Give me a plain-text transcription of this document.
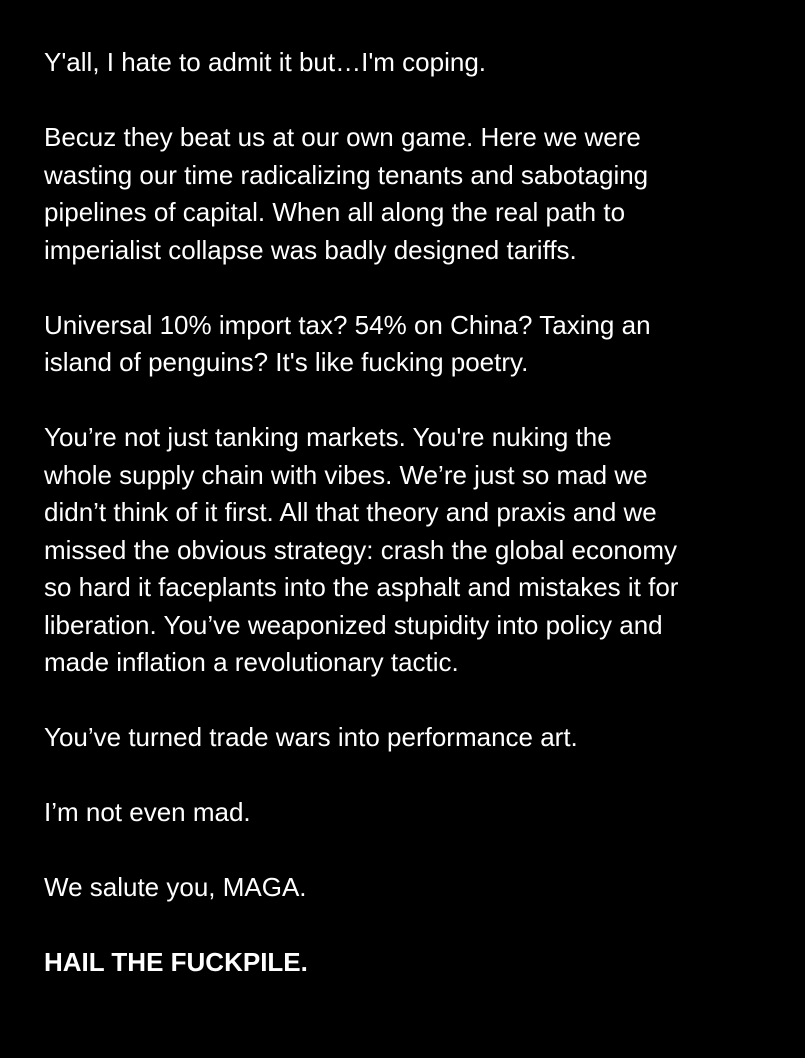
Y'all, I hate to admit it but…I'm coping.

Becuz they beat us at our own game. Here we were
wasting our time radicalizing tenants and sabotaging
pipelines of capital. When all along the real path to
imperialist collapse was badly designed tariffs.

Universal 10% import tax? 54% on China? Taxing an
island of penguins? It's like fucking poetry.

You’re not just tanking markets. You're nuking the
whole supply chain with vibes. We’re just so mad we
didn’t think of it first. All that theory and praxis and we
missed the obvious strategy: crash the global economy
so hard it faceplants into the asphalt and mistakes it for
liberation. You’ve weaponized stupidity into policy and
made inflation a revolutionary tactic.

You’ve turned trade wars into performance art.

I’m not even mad.

We salute you, MAGA.

HAIL THE FUCKPILE.
